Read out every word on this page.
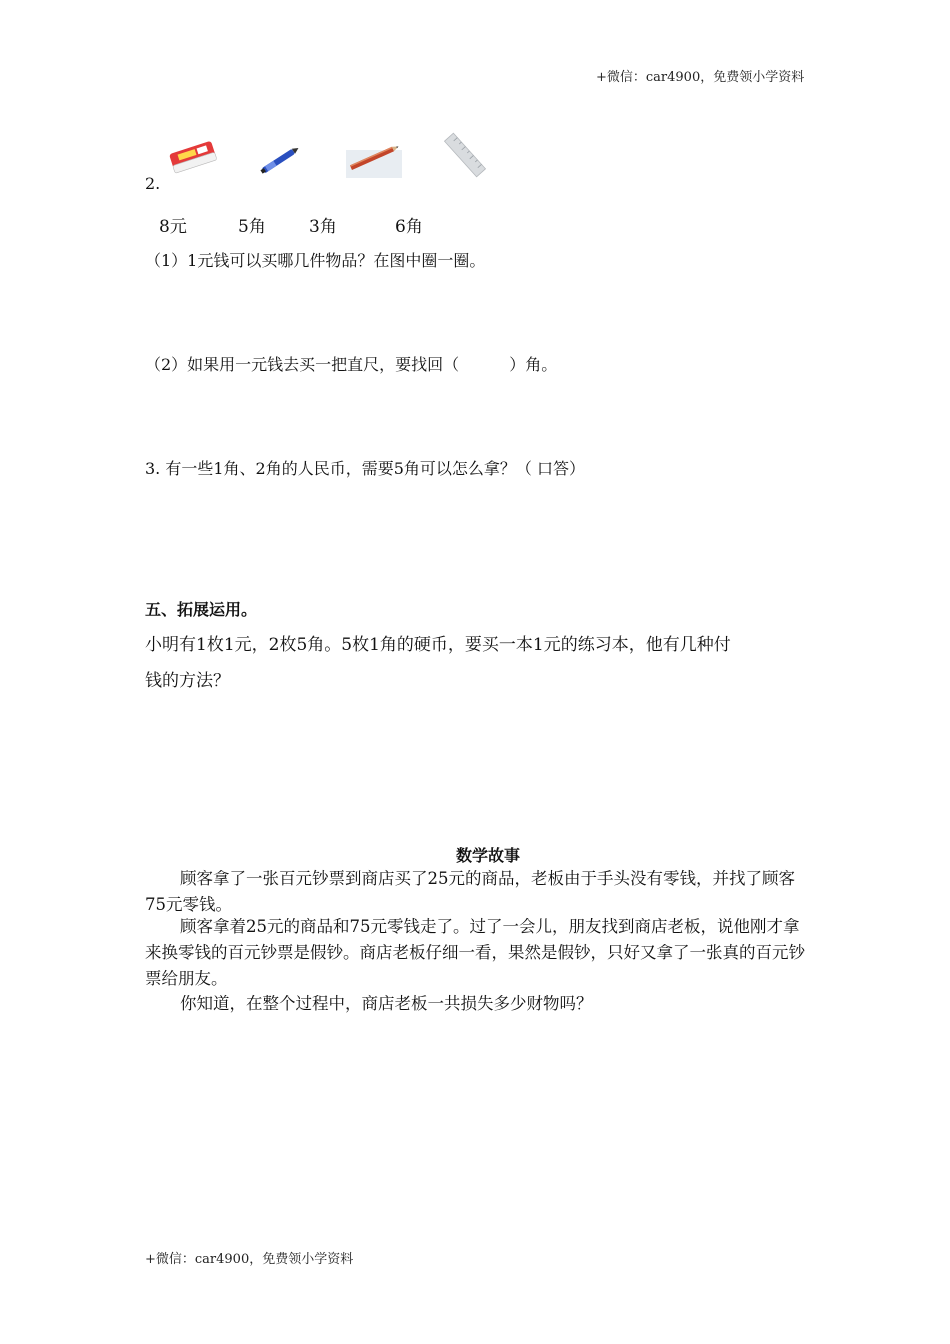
+微信：car4900，免费领小学资料
2.
8元	5角	3角	6角
（1）1元钱可以买哪几件物品？在图中圈一圈。
（2）如果用一元钱去买一把直尺，要找回（	）角。
3. 有一些1角、2角的人民币，需要5角可以怎么拿？（ 口答）
五、拓展运用。
小明有1枚1元，2枚5角。5枚1角的硬币，要买一本1元的练习本，他有几种付
钱的方法？
数学故事
顾客拿了一张百元钞票到商店买了25元的商品，老板由于手头没有零钱，并找了顾客75元零钱。
顾客拿着25元的商品和75元零钱走了。过了一会儿，朋友找到商店老板，说他刚才拿来换零钱的百元钞票是假钞。商店老板仔细一看，果然是假钞，只好又拿了一张真的百元钞票给朋友。
你知道，在整个过程中，商店老板一共损失多少财物吗？
+微信：car4900，免费领小学资料
